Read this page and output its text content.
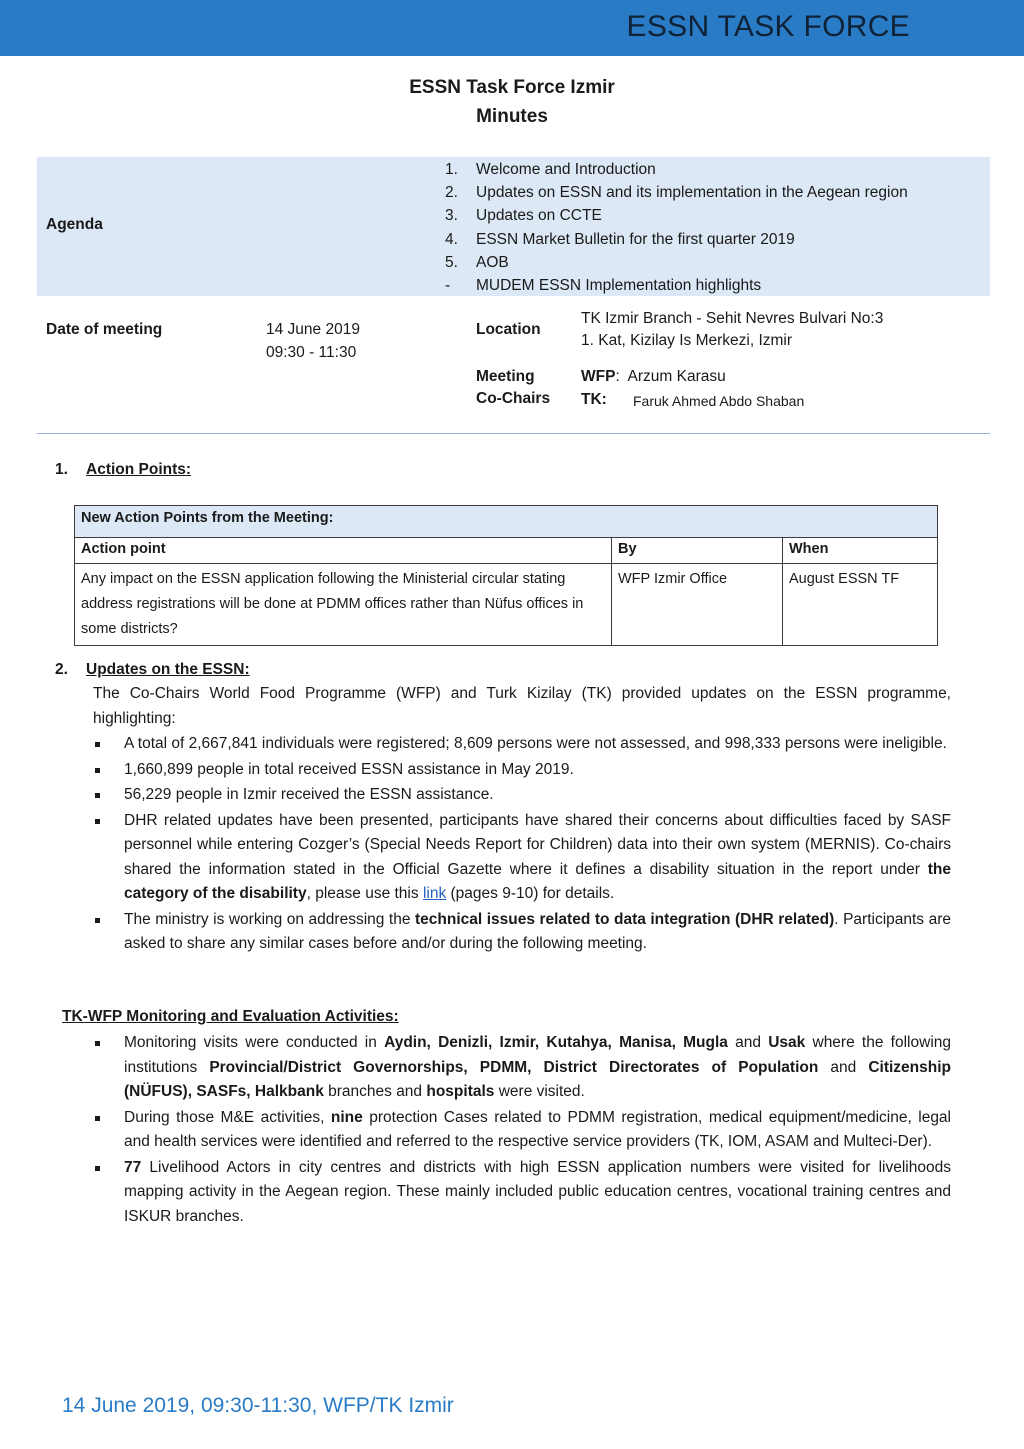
ESSN TASK FORCE
ESSN Task Force Izmir
Minutes
Agenda
1. Welcome and Introduction
2. Updates on ESSN and its implementation in the Aegean region
3. Updates on CCTE
4. ESSN Market Bulletin for the first quarter 2019
5. AOB
- MUDEM ESSN Implementation highlights
Date of meeting	14 June 2019
09:30 - 11:30
Location
TK Izmir Branch - Sehit Nevres Bulvari No:3
1. Kat, Kizilay Is Merkezi, Izmir
Meeting
Co-Chairs
WFP:  Arzum Karasu
TK: Faruk Ahmed Abdo Shaban
1. Action Points:
New Action Points from the Meeting:		
Action point	By	When
Any impact on the ESSN application following the Ministerial circular stating address registrations will be done at PDMM offices rather than Nüfus offices in some districts?	WFP Izmir Office	August ESSN TF
2. Updates on the ESSN:
The Co-Chairs World Food Programme (WFP) and Turk Kizilay (TK) provided updates on the ESSN programme, highlighting:
A total of 2,667,841 individuals were registered; 8,609 persons were not assessed, and 998,333 persons were ineligible.
1,660,899 people in total received ESSN assistance in May 2019.
56,229 people in Izmir received the ESSN assistance.
DHR related updates have been presented, participants have shared their concerns about difficulties faced by SASF personnel while entering Cozger’s (Special Needs Report for Children) data into their own system (MERNIS). Co-chairs shared the information stated in the Official Gazette where it defines a disability situation in the report under the category of the disability, please use this link (pages 9-10) for details.
The ministry is working on addressing the technical issues related to data integration (DHR related). Participants are asked to share any similar cases before and/or during the following meeting.
TK-WFP Monitoring and Evaluation Activities:
Monitoring visits were conducted in Aydin, Denizli, Izmir, Kutahya, Manisa, Mugla and Usak where the following institutions Provincial/District Governorships, PDMM, District Directorates of Population and Citizenship (NÜFUS), SASFs, Halkbank branches and hospitals were visited.
During those M&E activities, nine protection Cases related to PDMM registration, medical equipment/medicine, legal and health services were identified and referred to the respective service providers (TK, IOM, ASAM and Multeci-Der).
77 Livelihood Actors in city centres and districts with high ESSN application numbers were visited for livelihoods mapping activity in the Aegean region. These mainly included public education centres, vocational training centres and ISKUR branches.
14 June 2019, 09:30-11:30, WFP/TK Izmir
